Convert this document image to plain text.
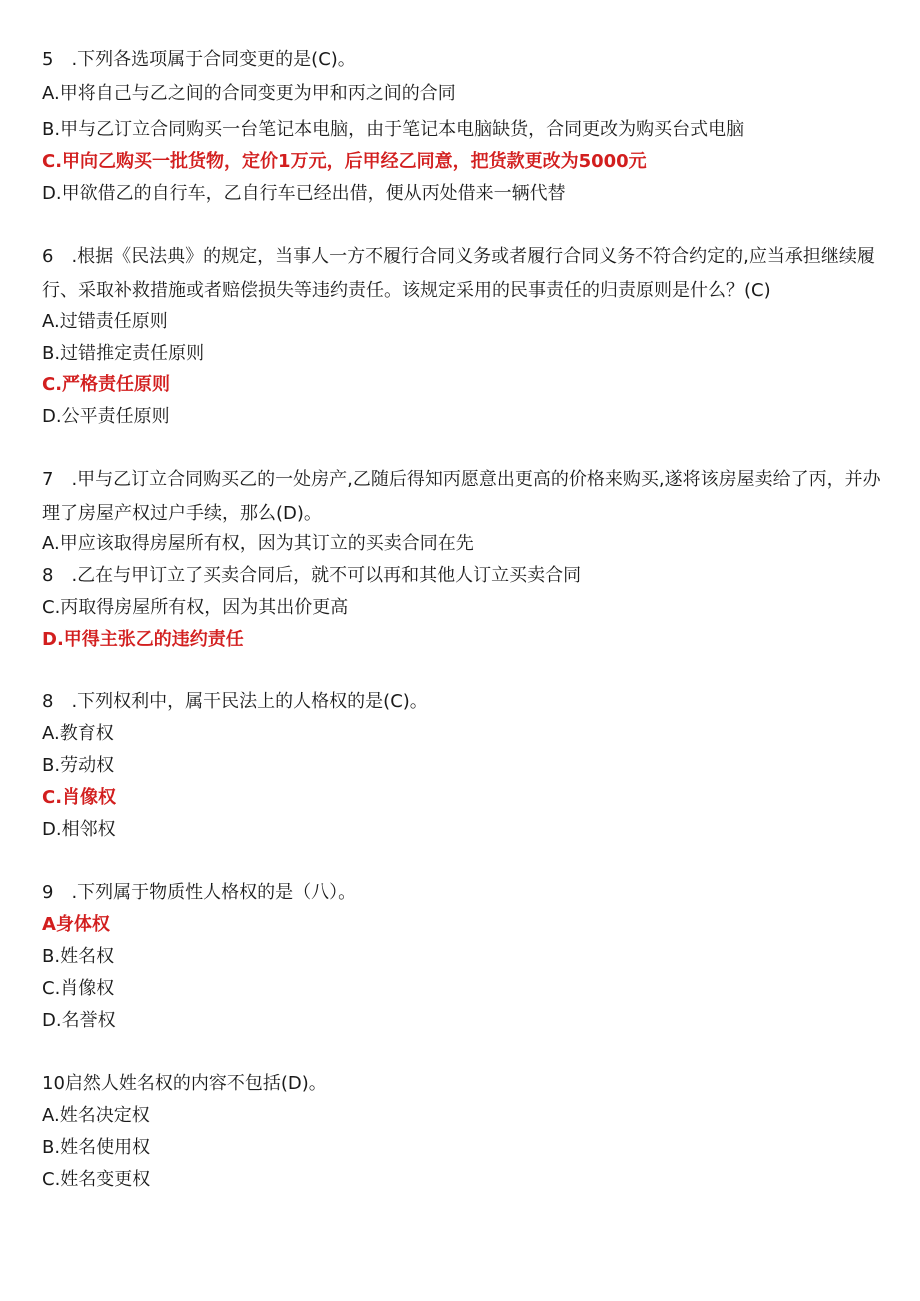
5　.下列各选项属于合同变更的是(C)。
A.甲将自己与乙之间的合同变更为甲和丙之间的合同
B.甲与乙订立合同购买一台笔记本电脑，由于笔记本电脑缺货，合同更改为购买台式电脑
C.甲向乙购买一批货物，定价1万元，后甲经乙同意，把货款更改为5000元
D.甲欲借乙的自行车，乙自行车已经出借，便从丙处借来一辆代替
6　.根据《民法典》的规定，当事人一方不履行合同义务或者履行合同义务不符合约定的,应当承担继续履行、采取补救措施或者赔偿损失等违约责任。该规定采用的民事责任的归责原则是什么？(C)
A.过错责任原则
B.过错推定责任原则
C.严格责任原则
D.公平责任原则
7　.甲与乙订立合同购买乙的一处房产,乙随后得知丙愿意出更高的价格来购买,遂将该房屋卖给了丙，并办理了房屋产权过户手续，那么(D)。
A.甲应该取得房屋所有权，因为其订立的买卖合同在先
8　.乙在与甲订立了买卖合同后，就不可以再和其他人订立买卖合同
C.丙取得房屋所有权，因为其出价更高
D.甲得主张乙的违约责任
8　.下列权利中，属干民法上的人格权的是(C)。
A.教育权
B.劳动权
C.肖像权
D.相邻权
9　.下列属于物质性人格权的是（八）。
A身体权
B.姓名权
C.肖像权
D.名誉权
10启然人姓名权的内容不包括(D)。
A.姓名决定权
B.姓名使用权
C.姓名变更权
